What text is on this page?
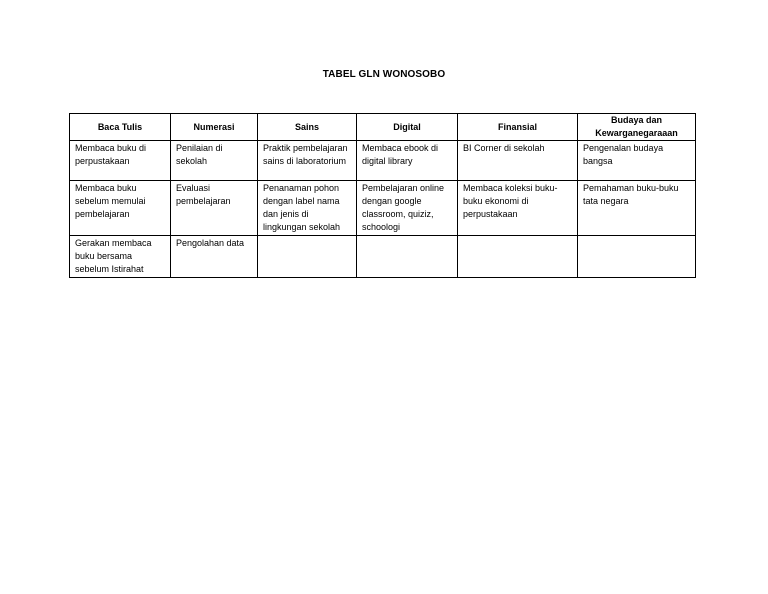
TABEL GLN WONOSOBO
Baca Tulis	Numerasi	Sains	Digital	Finansial	Budaya dan Kewarganegaraaan
Membaca buku di perpustakaan	Penilaian di sekolah	Praktik pembelajaran sains di laboratorium	Membaca ebook di digital library	BI Corner di sekolah	Pengenalan budaya bangsa
Membaca buku sebelum memulai pembelajaran	Evaluasi pembelajaran	Penanaman pohon dengan label nama dan jenis di lingkungan sekolah	Pembelajaran online dengan google classroom, quiziz, schoologi	Membaca koleksi buku-buku ekonomi di perpustakaan	Pemahaman buku-buku tata negara
Gerakan membaca buku bersama sebelum Istirahat	Pengolahan data				
